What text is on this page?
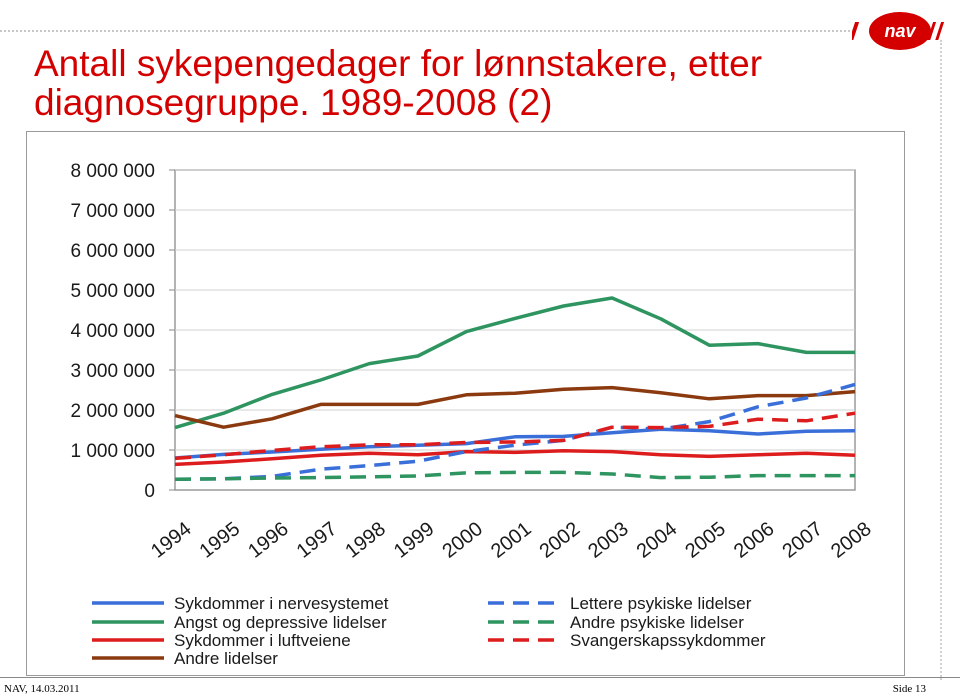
nav
Antall sykepengedager for lønnstakere, etter diagnosegruppe. 1989-2008 (2)
0
1 000 000
2 000 000
3 000 000
4 000 000
5 000 000
6 000 000
7 000 000
8 000 000
1994 1995 1996 1997 1998 1999 2000 2001 2002 2003 2004 2005 2006 2007 2008
Sykdommer i nervesystemet
Angst og depressive lidelser
Sykdommer i luftveiene
Andre lidelser
Lettere psykiske lidelser
Andre psykiske lidelser
Svangerskapssykdommer
NAV, 14.03.2011	Side 13
